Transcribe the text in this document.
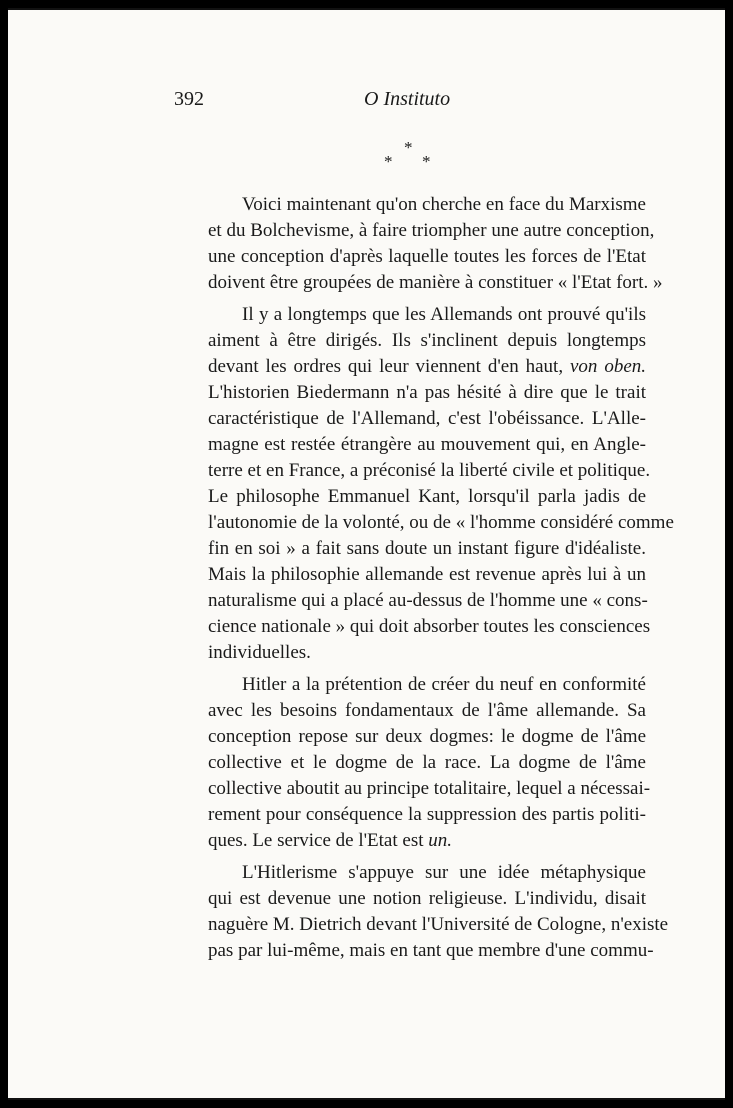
392	O Instituto
*
* *

Voici maintenant qu'on cherche en face du Marxisme
et du Bolchevisme, à faire triompher une autre conception,
une conception d'après laquelle toutes les forces de l'Etat
doivent être groupées de manière à constituer « l'Etat fort. »

Il y a longtemps que les Allemands ont prouvé qu'ils
aiment à être dirigés. Ils s'inclinent depuis longtemps
devant les ordres qui leur viennent d'en haut, von oben.
L'historien Biedermann n'a pas hésité à dire que le trait
caractéristique de l'Allemand, c'est l'obéissance. L'Alle-
magne est restée étrangère au mouvement qui, en Angle-
terre et en France, a préconisé la liberté civile et politique.
Le philosophe Emmanuel Kant, lorsqu'il parla jadis de
l'autonomie de la volonté, ou de « l'homme considéré comme
fin en soi » a fait sans doute un instant figure d'idéaliste.
Mais la philosophie allemande est revenue après lui à un
naturalisme qui a placé au-dessus de l'homme une « cons-
cience nationale » qui doit absorber toutes les consciences
individuelles.

Hitler a la prétention de créer du neuf en conformité
avec les besoins fondamentaux de l'âme allemande. Sa
conception repose sur deux dogmes: le dogme de l'âme
collective et le dogme de la race. La dogme de l'âme
collective aboutit au principe totalitaire, lequel a nécessai-
rement pour conséquence la suppression des partis politi-
ques. Le service de l'Etat est un.

L'Hitlerisme s'appuye sur une idée métaphysique
qui est devenue une notion religieuse. L'individu, disait
naguère M. Dietrich devant l'Université de Cologne, n'existe
pas par lui-même, mais en tant que membre d'une commu-
